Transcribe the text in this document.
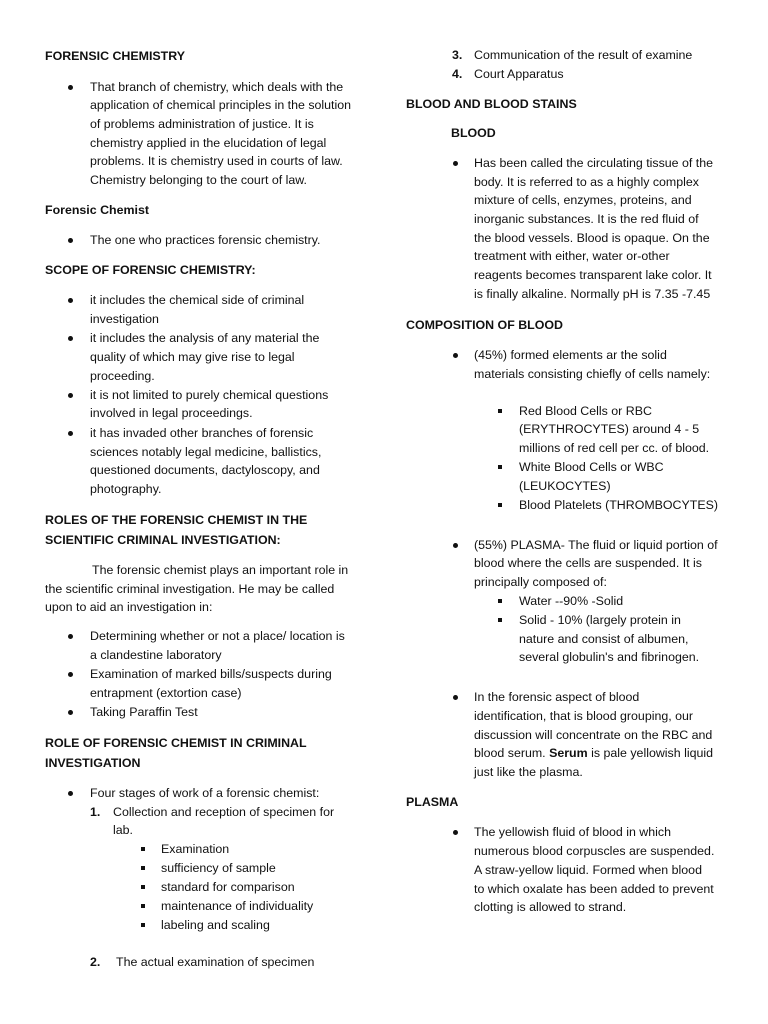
FORENSIC CHEMISTRY
That branch of chemistry, which deals with the
application of chemical principles in the solution
of problems administration of justice. It is
chemistry applied in the elucidation of legal
problems. It is chemistry used in courts of law.
Chemistry belonging to the court of law.
Forensic Chemist
The one who practices forensic chemistry.
SCOPE OF FORENSIC CHEMISTRY:
it includes the chemical side of criminal
investigation
it includes the analysis of any material the
quality of which may give rise to legal
proceeding.
it is not limited to purely chemical questions
involved in legal proceedings.
it has invaded other branches of forensic
sciences notably legal medicine, ballistics,
questioned documents, dactyloscopy, and
photography.
ROLES OF THE FORENSIC CHEMIST IN THE
SCIENTIFIC CRIMINAL INVESTIGATION:
The forensic chemist plays an important role in
the scientific criminal investigation. He may be called
upon to aid an investigation in:
Determining whether or not a place/ location is
a clandestine laboratory
Examination of marked bills/suspects during
entrapment (extortion case)
Taking Paraffin Test
ROLE OF FORENSIC CHEMIST IN CRIMINAL
INVESTIGATION
Four stages of work of a forensic chemist:
1. Collection and reception of specimen for
lab.
Examination
sufficiency of sample
standard for comparison
maintenance of individuality
labeling and scaling
2. The actual examination of specimen
3. Communication of the result of examine
4. Court Apparatus
BLOOD AND BLOOD STAINS
BLOOD
Has been called the circulating tissue of the
body. It is referred to as a highly complex
mixture of cells, enzymes, proteins, and
inorganic substances. It is the red fluid of
the blood vessels. Blood is opaque. On the
treatment with either, water or-other
reagents becomes transparent lake color. It
is finally alkaline. Normally pH is 7.35 -7.45
COMPOSITION OF BLOOD
(45%) formed elements ar the solid
materials consisting chiefly of cells namely:
Red Blood Cells or RBC
(ERYTHROCYTES) around 4 - 5
millions of red cell per cc. of blood.
White Blood Cells or WBC
(LEUKOCYTES)
Blood Platelets (THROMBOCYTES)
(55%) PLASMA- The fluid or liquid portion of
blood where the cells are suspended. It is
principally composed of:
Water --90% -Solid
Solid - 10% (largely protein in
nature and consist of albumen,
several globulin's and fibrinogen.
In the forensic aspect of blood
identification, that is blood grouping, our
discussion will concentrate on the RBC and
blood serum. Serum is pale yellowish liquid
just like the plasma.
PLASMA
The yellowish fluid of blood in which
numerous blood corpuscles are suspended.
A straw-yellow liquid. Formed when blood
to which oxalate has been added to prevent
clotting is allowed to strand.
